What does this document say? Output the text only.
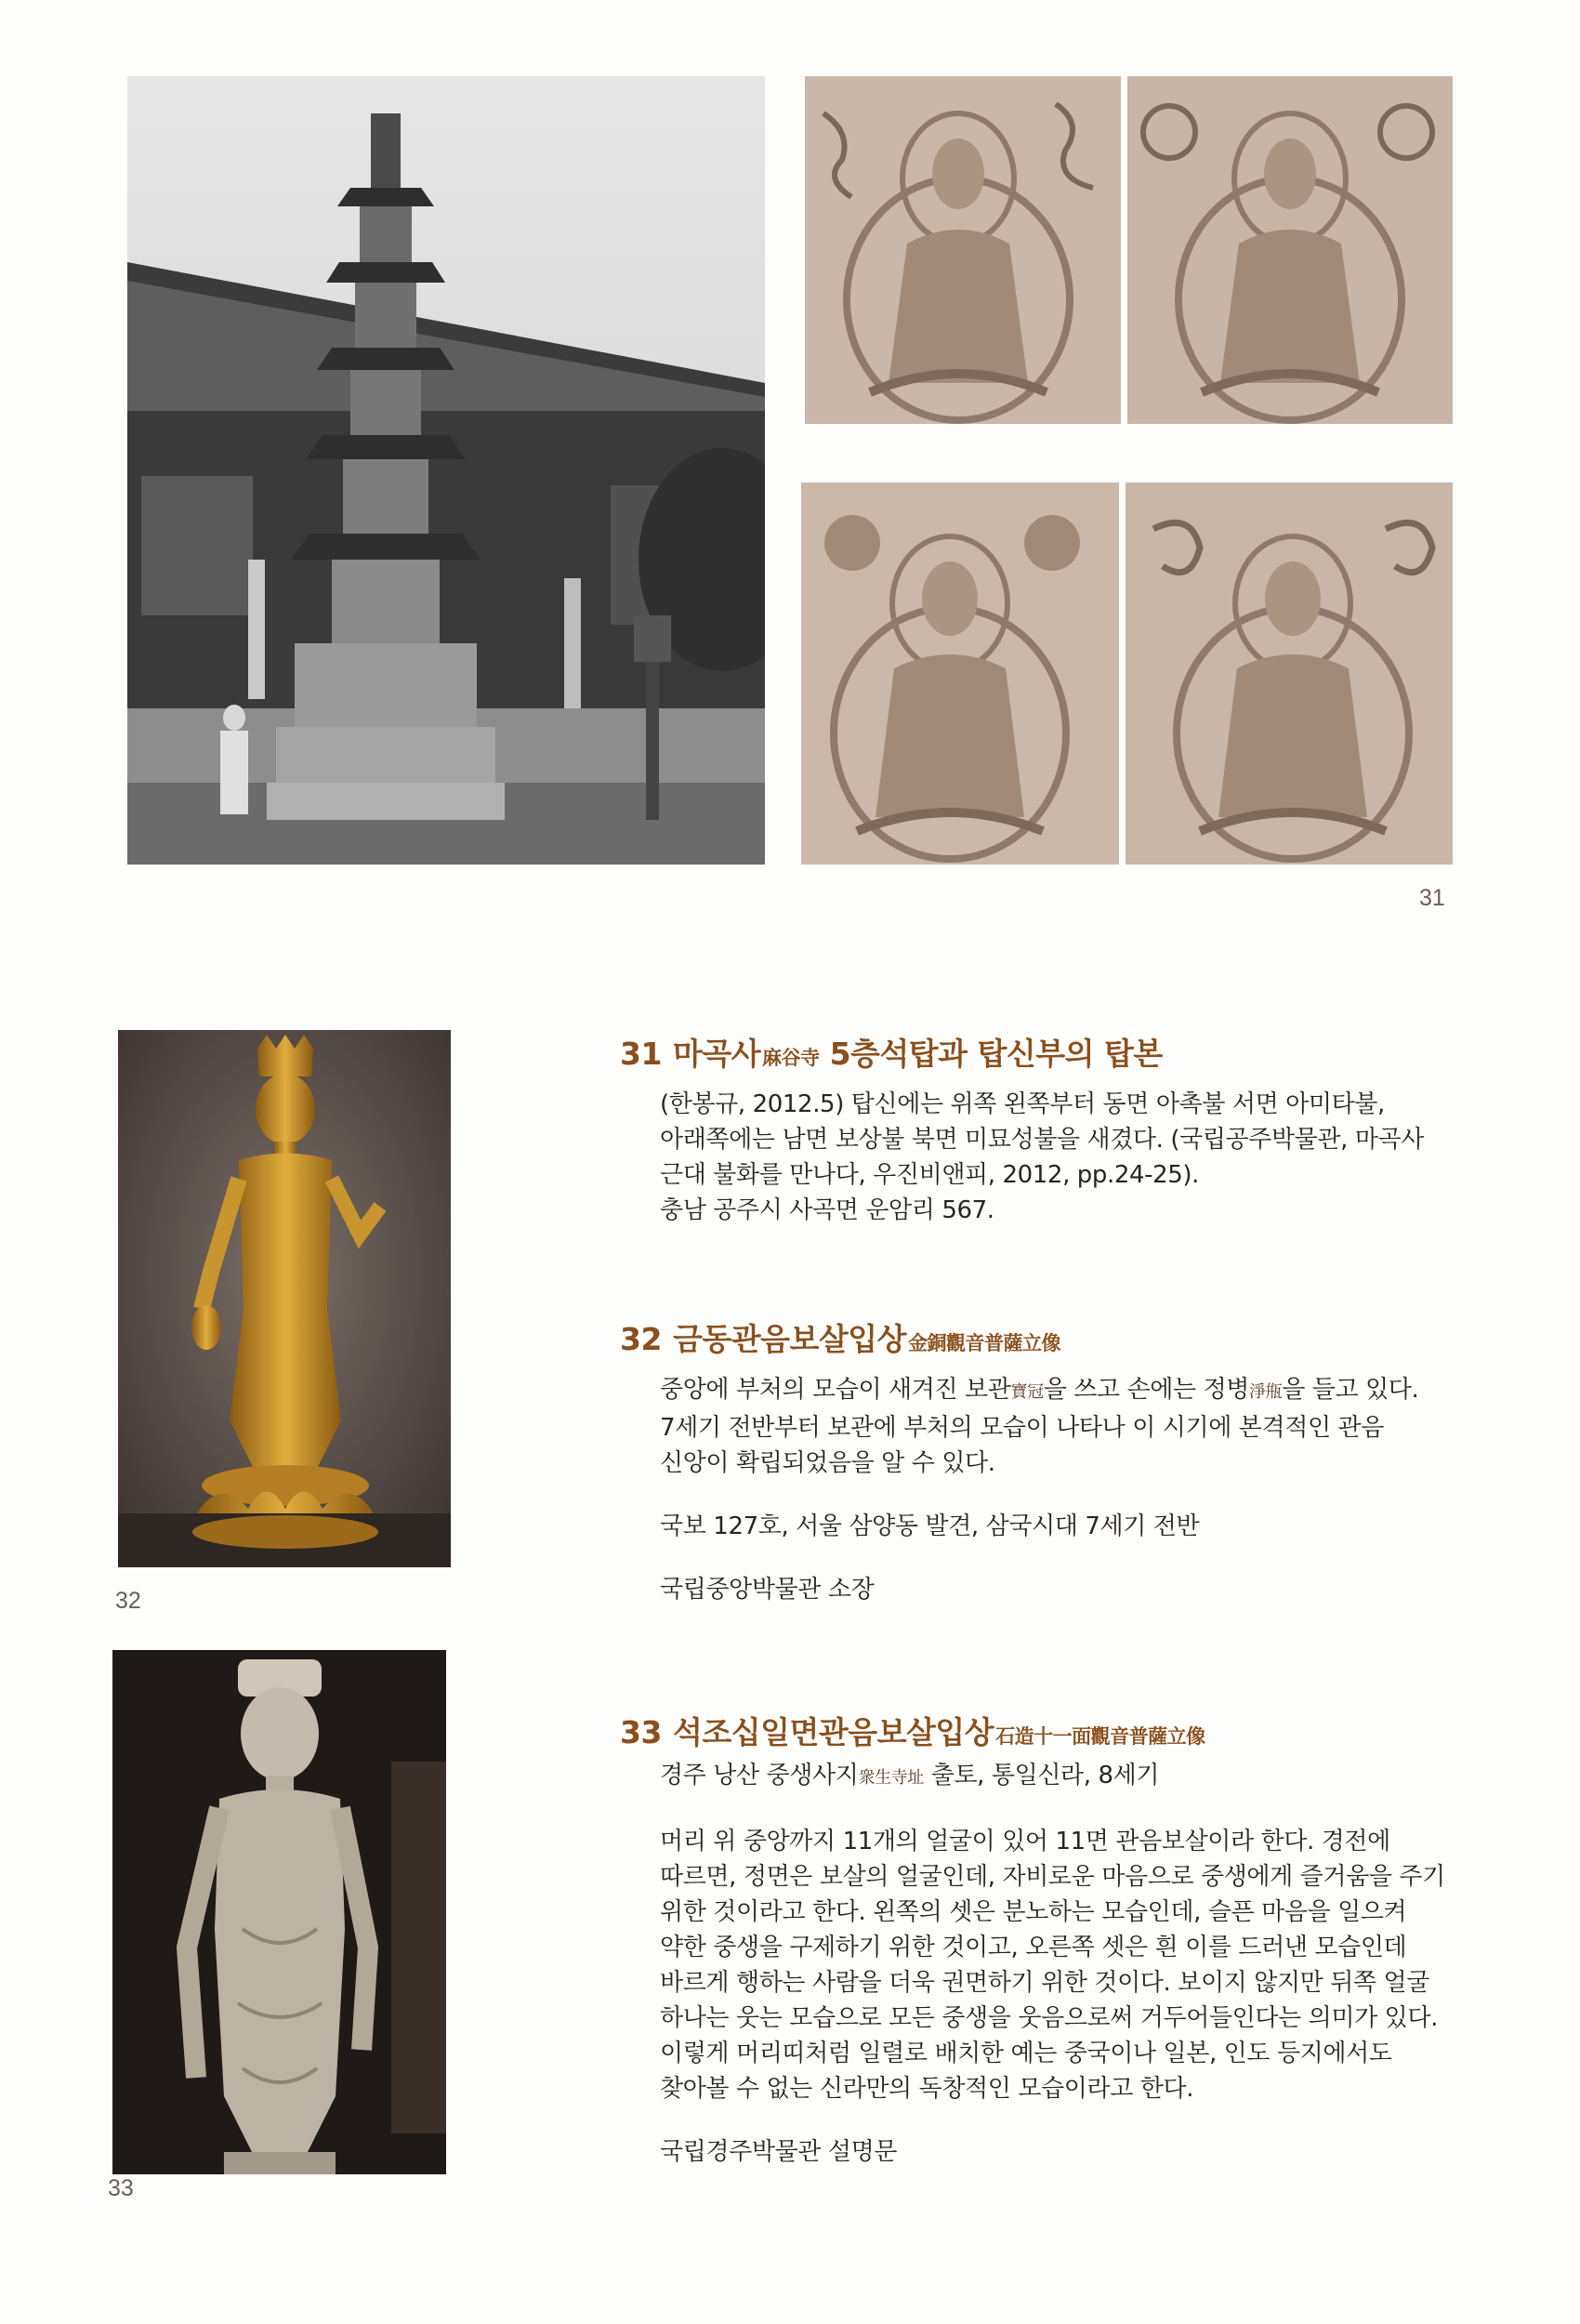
31
32
33
31 마곡사麻谷寺 5층석탑과 탑신부의 탑본
(한봉규, 2012.5) 탑신에는 위쪽 왼쪽부터 동면 아촉불 서면 아미타불, 아래쪽에는 남면 보상불 북면 미묘성불을 새겼다. (국립공주박물관, 마곡사 근대 불화를 만나다, 우진비앤피, 2012, pp.24-25).
충남 공주시 사곡면 운암리 567.
32 금동관음보살입상金銅觀音普薩立像
중앙에 부처의 모습이 새겨진 보관寶冠을 쓰고 손에는 정병淨甁을 들고 있다. 7세기 전반부터 보관에 부처의 모습이 나타나 이 시기에 본격적인 관음 신앙이 확립되었음을 알 수 있다.
국보 127호, 서울 삼양동 발견, 삼국시대 7세기 전반
국립중앙박물관 소장
33 석조십일면관음보살입상石造十一面觀音普薩立像
경주 낭산 중생사지衆生寺址 출토, 통일신라, 8세기
머리 위 중앙까지 11개의 얼굴이 있어 11면 관음보살이라 한다. 경전에 따르면, 정면은 보살의 얼굴인데, 자비로운 마음으로 중생에게 즐거움을 주기 위한 것이라고 한다. 왼쪽의 셋은 분노하는 모습인데, 슬픈 마음을 일으켜 약한 중생을 구제하기 위한 것이고, 오른쪽 셋은 흰 이를 드러낸 모습인데 바르게 행하는 사람을 더욱 권면하기 위한 것이다. 보이지 않지만 뒤쪽 얼굴 하나는 웃는 모습으로 모든 중생을 웃음으로써 거두어들인다는 의미가 있다. 이렇게 머리띠처럼 일렬로 배치한 예는 중국이나 일본, 인도 등지에서도 찾아볼 수 없는 신라만의 독창적인 모습이라고 한다.
국립경주박물관 설명문
